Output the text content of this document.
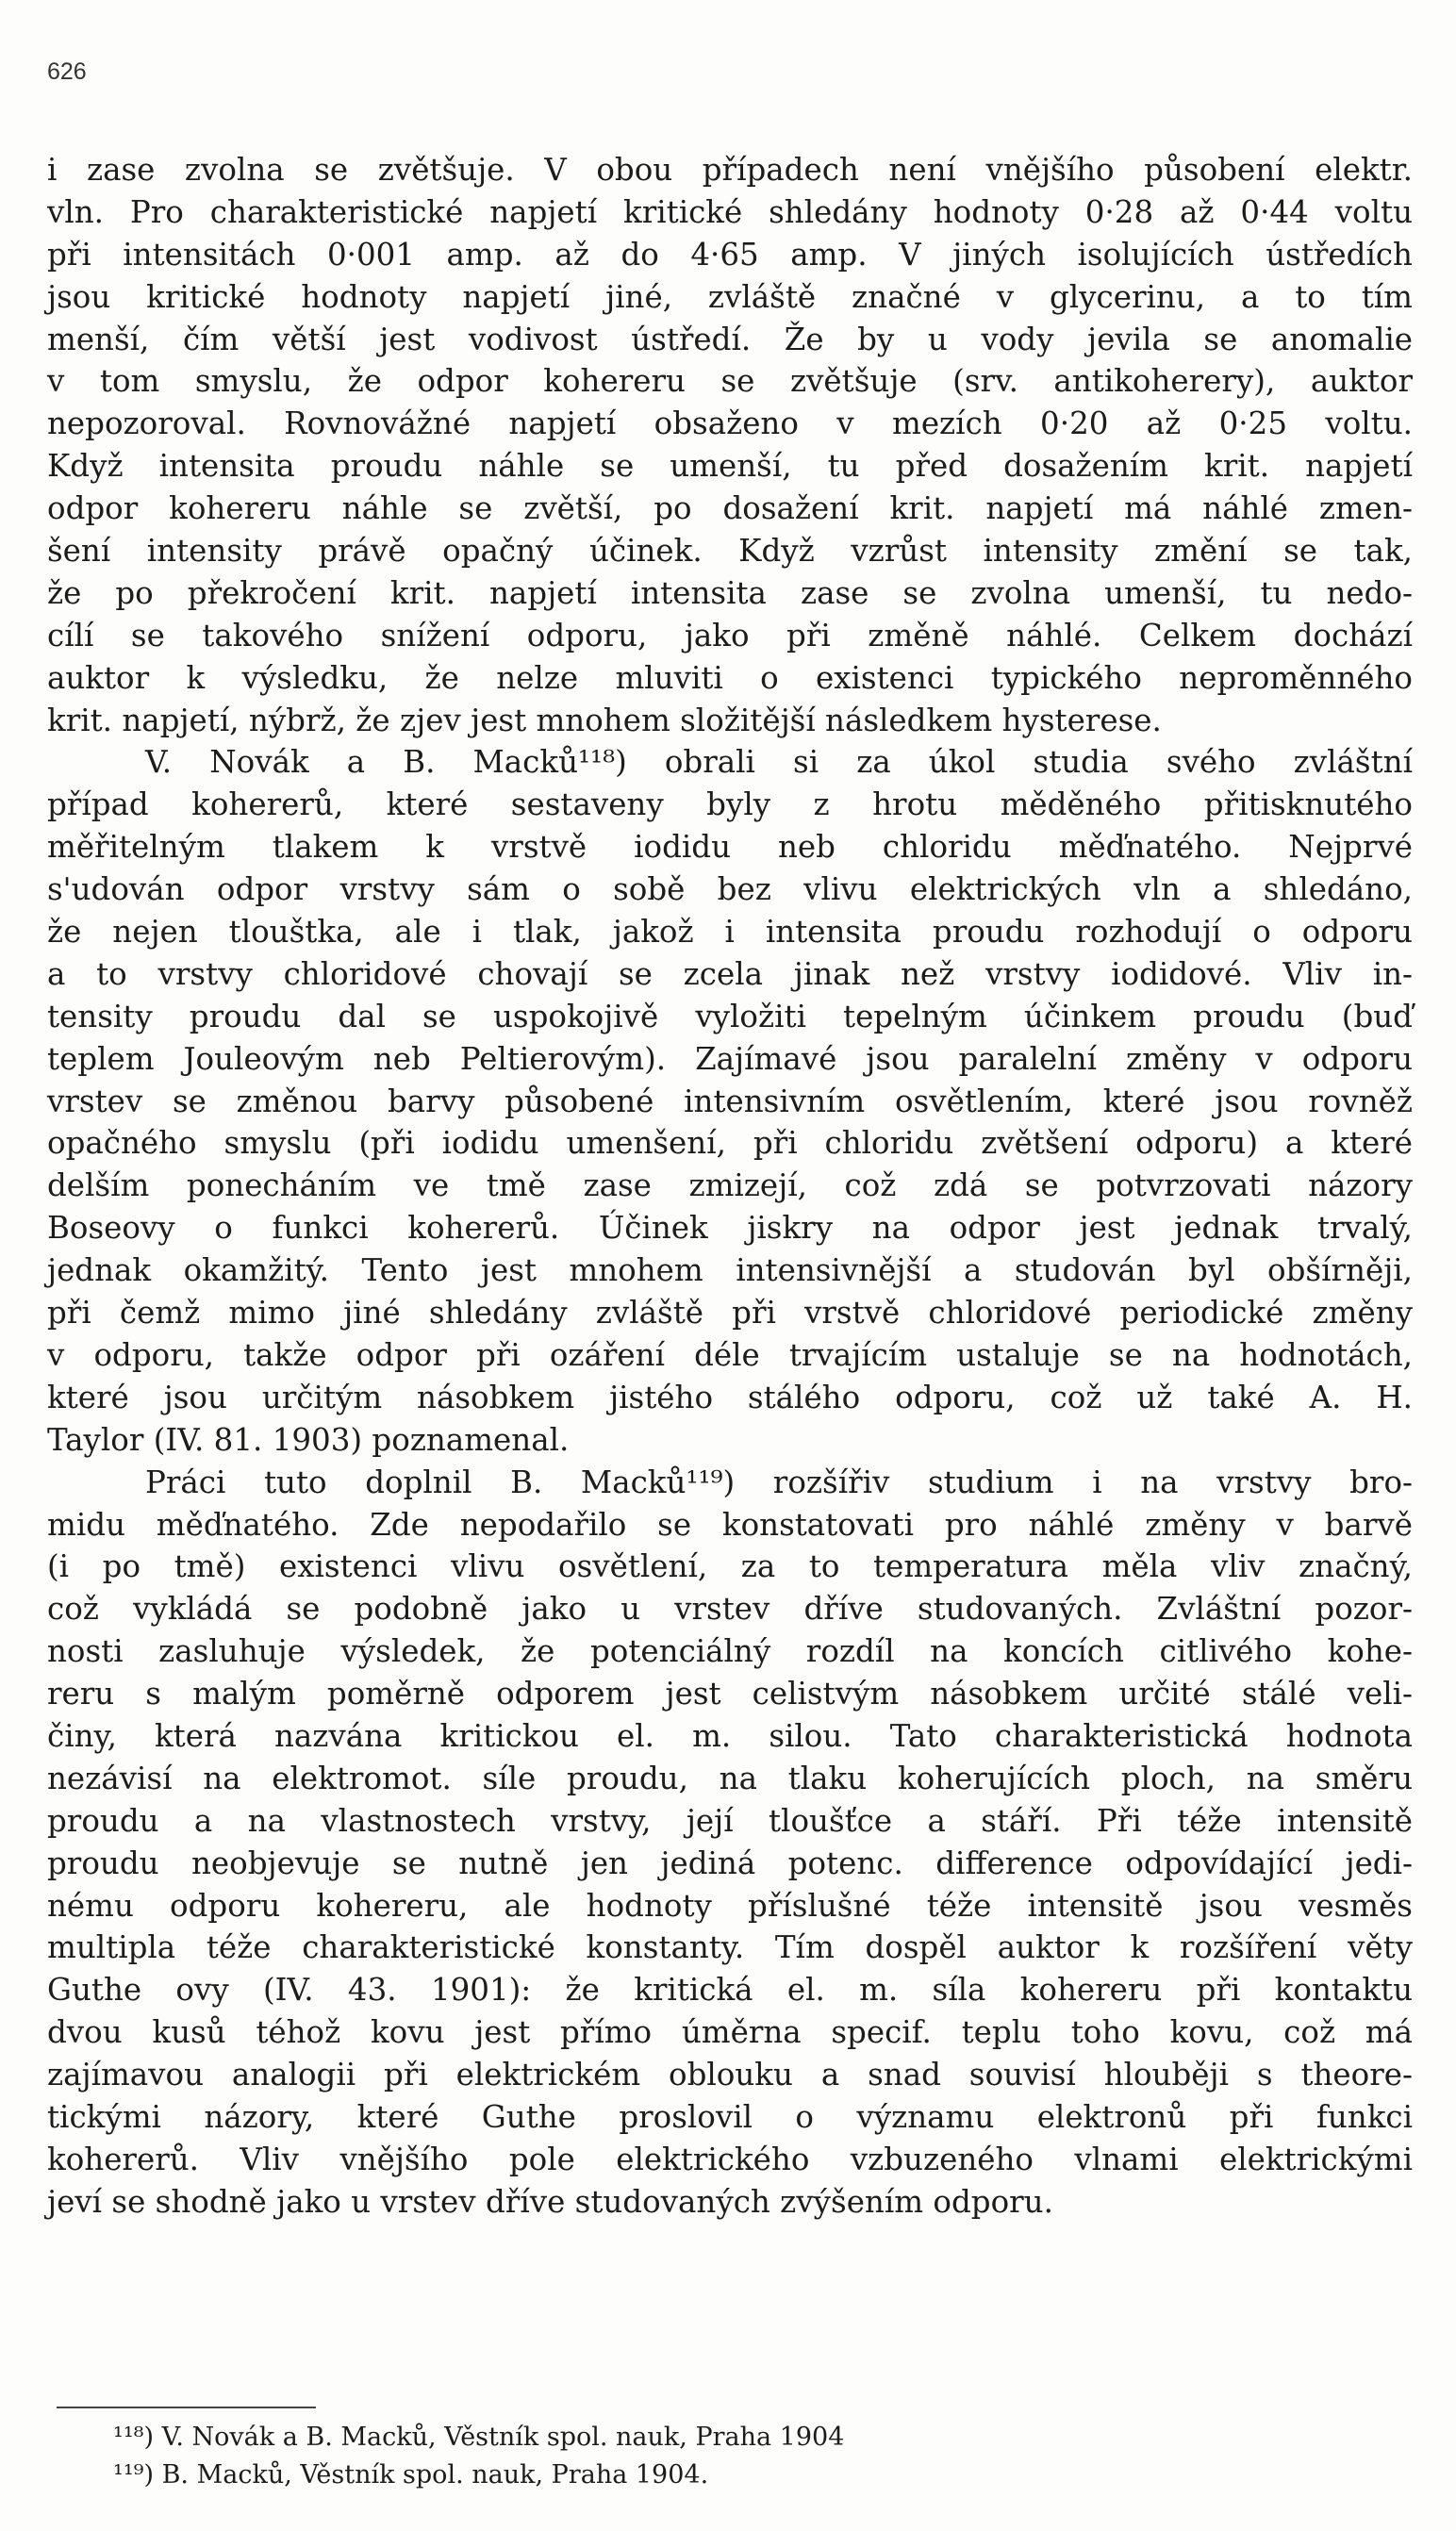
626
i zase zvolna se zvětšuje. V obou případech není vnějšího působení elektr.
vln. Pro charakteristické napjetí kritické shledány hodnoty 0·28 až 0·44 voltu
při intensitách 0·001 amp. až do 4·65 amp. V jiných isolujících ústředích
jsou kritické hodnoty napjetí jiné, zvláště značné v glycerinu, a to tím
menší, čím větší jest vodivost ústředí. Že by u vody jevila se anomalie
v tom smyslu, že odpor kohereru se zvětšuje (srv. antikoherery), auktor
nepozoroval. Rovnovážné napjetí obsaženo v mezích 0·20 až 0·25 voltu.
Když intensita proudu náhle se umenší, tu před dosažením krit. napjetí
odpor kohereru náhle se zvětší, po dosažení krit. napjetí má náhlé zmen-
šení intensity právě opačný účinek. Když vzrůst intensity změní se tak,
že po překročení krit. napjetí intensita zase se zvolna umenší, tu nedo-
cílí se takového snížení odporu, jako při změně náhlé. Celkem dochází
auktor k výsledku, že nelze mluviti o existenci typického neproměnného
krit. napjetí, nýbrž, že zjev jest mnohem složitější následkem hysterese.
V. Novák a B. Macků¹¹⁸) obrali si za úkol studia svého zvláštní
případ kohererů, které sestaveny byly z hrotu měděného přitisknutého
měřitelným tlakem k vrstvě iodidu neb chloridu měďnatého. Nejprvé
s'udován odpor vrstvy sám o sobě bez vlivu elektrických vln a shledáno,
že nejen tlouštka, ale i tlak, jakož i intensita proudu rozhodují o odporu
a to vrstvy chloridové chovají se zcela jinak než vrstvy iodidové. Vliv in-
tensity proudu dal se uspokojivě vyložiti tepelným účinkem proudu (buď
teplem Jouleovým neb Peltierovým). Zajímavé jsou paralelní změny v odporu
vrstev se změnou barvy působené intensivním osvětlením, které jsou rovněž
opačného smyslu (při iodidu umenšení, při chloridu zvětšení odporu) a které
delším ponecháním ve tmě zase zmizejí, což zdá se potvrzovati názory
Boseovy o funkci kohererů. Účinek jiskry na odpor jest jednak trvalý,
jednak okamžitý. Tento jest mnohem intensivnější a studován byl obšírněji,
při čemž mimo jiné shledány zvláště při vrstvě chloridové periodické změny
v odporu, takže odpor při ozáření déle trvajícím ustaluje se na hodnotách,
které jsou určitým násobkem jistého stálého odporu, což už také A. H.
Taylor (IV. 81. 1903) poznamenal.
Práci tuto doplnil B. Macků¹¹⁹) rozšířiv studium i na vrstvy bro-
midu měďnatého. Zde nepodařilo se konstatovati pro náhlé změny v barvě
(i po tmě) existenci vlivu osvětlení, za to temperatura měla vliv značný,
což vykládá se podobně jako u vrstev dříve studovaných. Zvláštní pozor-
nosti zasluhuje výsledek, že potenciálný rozdíl na koncích citlivého kohe-
reru s malým poměrně odporem jest celistvým násobkem určité stálé veli-
činy, která nazvána kritickou el. m. silou. Tato charakteristická hodnota
nezávisí na elektromot. síle proudu, na tlaku koherujících ploch, na směru
proudu a na vlastnostech vrstvy, její tloušťce a stáří. Při téže intensitě
proudu neobjevuje se nutně jen jediná potenc. difference odpovídající jedi-
nému odporu kohereru, ale hodnoty příslušné téže intensitě jsou vesměs
multipla téže charakteristické konstanty. Tím dospěl auktor k rozšíření věty
Guthe ovy (IV. 43. 1901): že kritická el. m. síla kohereru při kontaktu
dvou kusů téhož kovu jest přímo úměrna specif. teplu toho kovu, což má
zajímavou analogii při elektrickém oblouku a snad souvisí hlouběji s theore-
tickými názory, které Guthe proslovil o významu elektronů při funkci
kohererů. Vliv vnějšího pole elektrického vzbuzeného vlnami elektrickými
jeví se shodně jako u vrstev dříve studovaných zvýšením odporu.
¹¹⁸) V. Novák a B. Macků, Věstník spol. nauk, Praha 1904
¹¹⁹) B. Macků, Věstník spol. nauk, Praha 1904.
